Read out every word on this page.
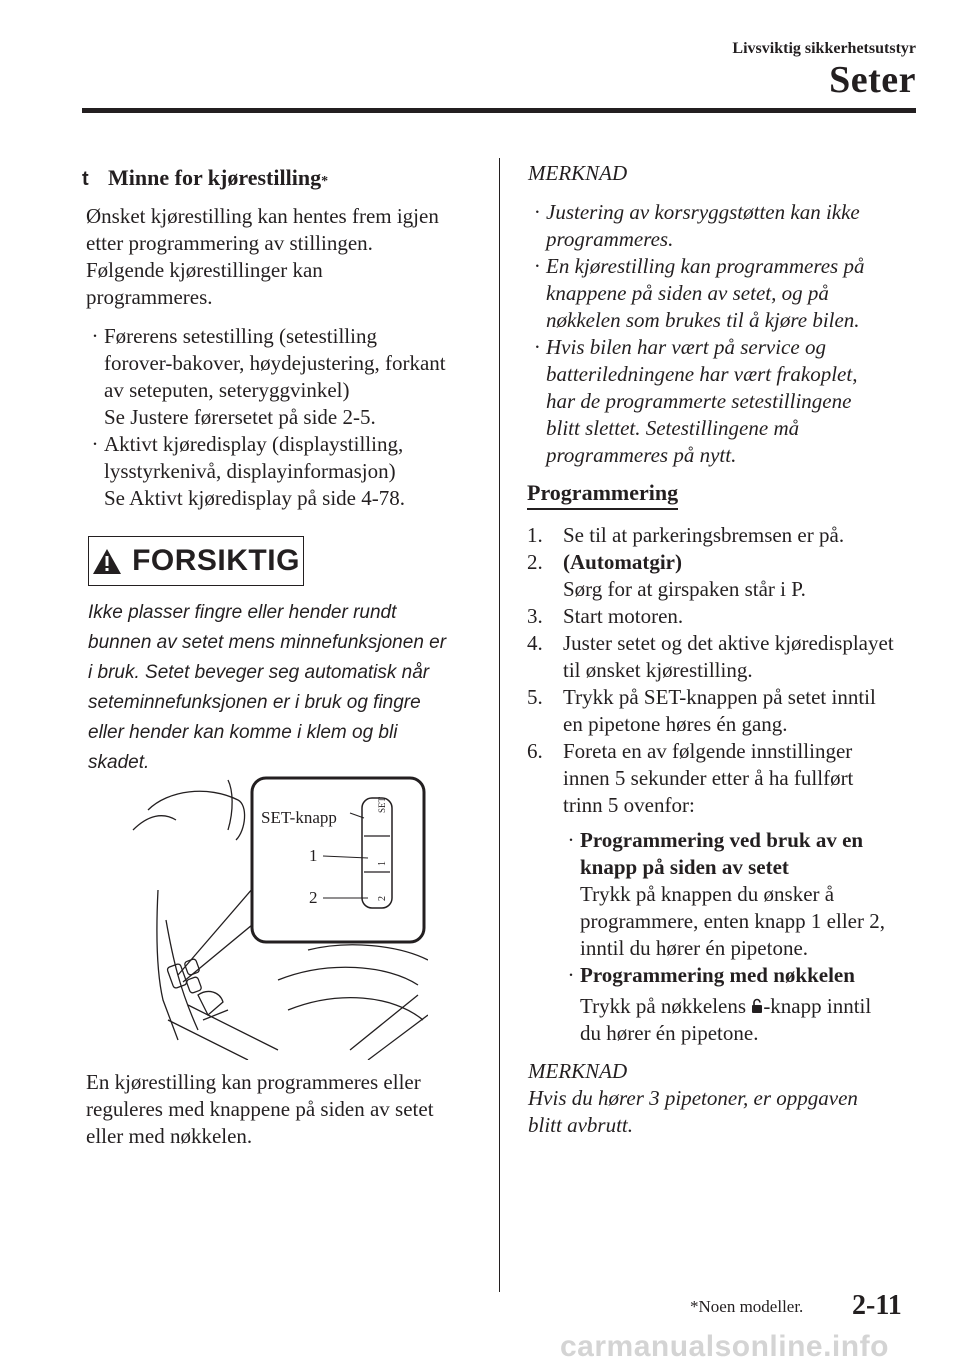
Livsviktig sikkerhetsutstyr
Seter
t Minne for kjørestilling *
Ønsket kjørestilling kan hentes frem igjen
etter programmering av stillingen.
Følgende kjørestillinger kan
programmeres.
· Førerens setestilling (setestilling
forover-bakover, høydejustering, forkant
av seteputen, seteryggvinkel)
Se Justere førersetet på side 2-5.
· Aktivt kjøredisplay (displaystilling,
lysstyrkenivå, displayinformasjon)
Se Aktivt kjøredisplay på side 4-78.
FORSIKTIG
Ikke plasser fingre eller hender rundt
bunnen av setet mens minnefunksjonen er
i bruk. Setet beveger seg automatisk når
seteminnefunksjonen er i bruk og fingre
eller hender kan komme i klem og bli
skadet.
SET-knapp
1
2
SET
1
2
En kjørestilling kan programmeres eller
reguleres med knappene på siden av setet
eller med nøkkelen.
MERKNAD
· Justering av korsryggstøtten kan ikke
programmeres.
· En kjørestilling kan programmeres på
knappene på siden av setet, og på
nøkkelen som brukes til å kjøre bilen.
· Hvis bilen har vært på service og
batteriledningene har vært frakoplet,
har de programmerte setestillingene
blitt slettet. Setestillingene må
programmeres på nytt.
Programmering
1. Se til at parkeringsbremsen er på.
2. (Automatgir)
Sørg for at girspaken står i P.
3. Start motoren.
4. Juster setet og det aktive kjøredisplayet
til ønsket kjørestilling.
5. Trykk på SET-knappen på setet inntil
en pipetone høres én gang.
6. Foreta en av følgende innstillinger
innen 5 sekunder etter å ha fullført
trinn 5 ovenfor:
· Programmering ved bruk av en
knapp på siden av setet
Trykk på knappen du ønsker å
programmere, enten knapp 1 eller 2,
inntil du hører én pipetone.
· Programmering med nøkkelen
Trykk på nøkkelens -knapp inntil
du hører én pipetone.
MERKNAD
Hvis du hører 3 pipetoner, er oppgaven
blitt avbrutt.
*Noen modeller. 2-11
carmanualsonline.info
